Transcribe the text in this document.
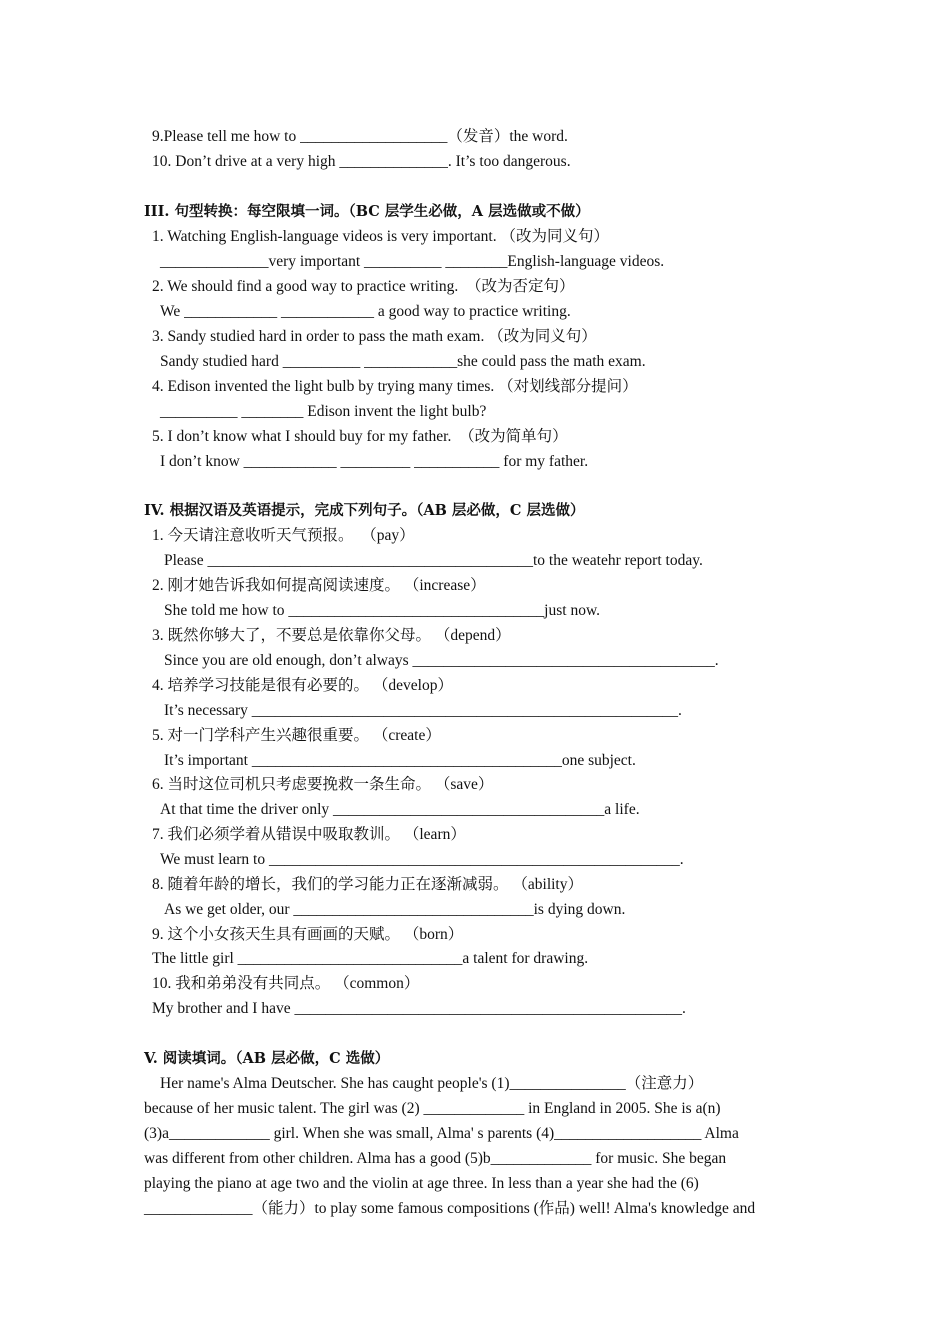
9.Please tell me how to ___________________（发音）the word.
10. Don’t drive at a very high ______________. It’s too dangerous.
III. 句型转换：每空限填一词。（BC 层学生必做，A 层选做或不做）
1. Watching English-language videos is very important. （改为同义句）
______________very important __________ ________English-language videos.
2. We should find a good way to practice writing.  （改为否定句）
We ____________ ____________ a good way to practice writing.
3. Sandy studied hard in order to pass the math exam. （改为同义句）
Sandy studied hard __________ ____________she could pass the math exam.
4. Edison invented the light bulb by trying many times. （对划线部分提问）
__________ ________ Edison invent the light bulb?
5. I don’t know what I should buy for my father.  （改为简单句）
I don’t know ____________ _________ ___________ for my father.
IV. 根据汉语及英语提示，完成下列句子。（AB 层必做，C 层选做）
1. 今天请注意收听天气预报。  （pay）
Please __________________________________________to the weatehr report today.
2. 刚才她告诉我如何提高阅读速度。 （increase）
She told me how to _________________________________just now.
3. 既然你够大了，不要总是依靠你父母。 （depend）
Since you are old enough, don’t always _______________________________________.
4. 培养学习技能是很有必要的。 （develop）
It’s necessary _______________________________________________________.
5. 对一门学科产生兴趣很重要。 （create）
It’s important ________________________________________one subject.
6. 当时这位司机只考虑要挽救一条生命。 （save）
At that time the driver only ___________________________________a life.
7. 我们必须学着从错误中吸取教训。 （learn）
We must learn to _____________________________________________________.
8. 随着年龄的增长，我们的学习能力正在逐渐减弱。 （ability）
As we get older, our _______________________________is dying down.
9. 这个小女孩天生具有画画的天赋。 （born）
The little girl _____________________________a talent for drawing.
10. 我和弟弟没有共同点。 （common）
My brother and I have __________________________________________________.
V. 阅读填词。（AB 层必做，C 选做）
Her name's Alma Deutscher. She has caught people's (1)_______________（注意力）
because of her music talent. The girl was (2) _____________ in England in 2005. She is a(n)
(3)a_____________ girl. When she was small, Alma' s parents (4)___________________ Alma
was different from other children. Alma has a good (5)b_____________ for music. She began
playing the piano at age two and the violin at age three. In less than a year she had the (6)
______________（能力）to play some famous compositions (作品) well! Alma's knowledge and
